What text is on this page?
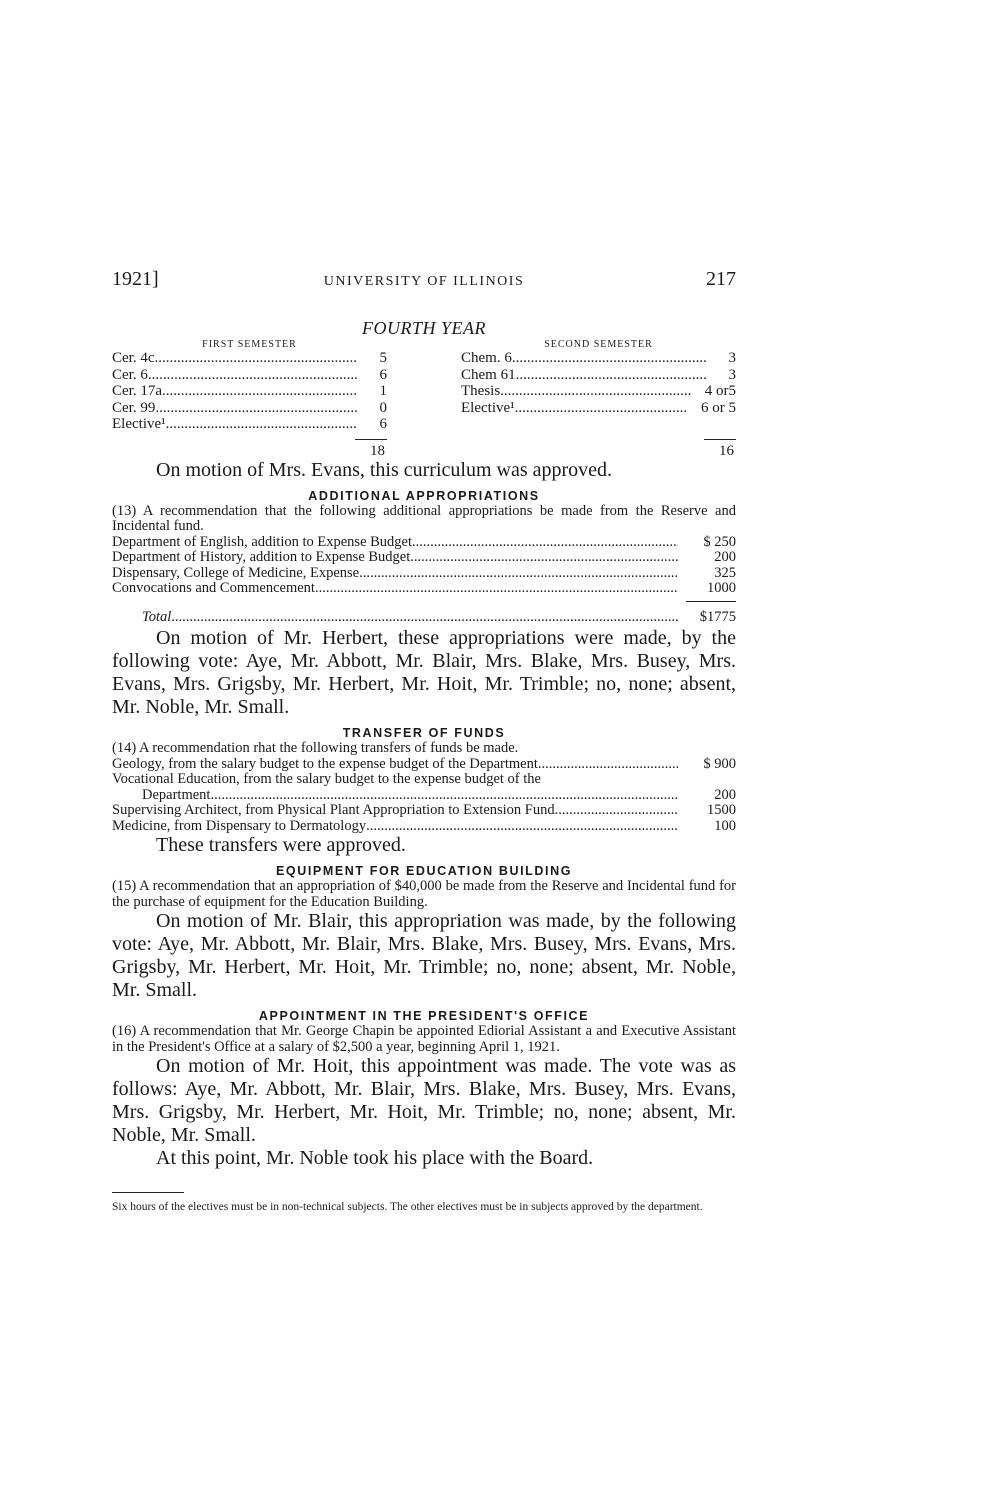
1921]	UNIVERSITY OF ILLINOIS	217
FOURTH YEAR
FIRST SEMESTER
Cer. 4c .....	5
Cer. 6 .....	6
Cer. 17a .....	1
Cer. 99 .....	0
Elective¹ .....	6
SECOND SEMESTER
Chem. 6 .....	3
Chem 61 .....	3
Thesis .....	4 or5
Elective¹ .....	6 or 5
18	16
On motion of Mrs. Evans, this curriculum was approved.
ADDITIONAL APPROPRIATIONS
(13) A recommendation that the following additional appropriations be made from the Reserve and Incidental fund.
Department of English, addition to Expense Budget .....	$ 250
Department of History, addition to Expense Budget .....	200
Dispensary, College of Medicine, Expense .....	325
Convocations and Commencement .....	1000
Total .....	$1775
On motion of Mr. Herbert, these appropriations were made, by the following vote: Aye, Mr. Abbott, Mr. Blair, Mrs. Blake, Mrs. Busey, Mrs. Evans, Mrs. Grigsby, Mr. Herbert, Mr. Hoit, Mr. Trimble; no, none; absent, Mr. Noble, Mr. Small.
TRANSFER OF FUNDS
(14) A recommendation rhat the following transfers of funds be made.
Geology, from the salary budget to the expense budget of the Department .....	$ 900
Vocational Education, from the salary budget to the expense budget of the
Department .....	200
Supervising Architect, from Physical Plant Appropriation to Extension Fund .....	1500
Medicine, from Dispensary to Dermatology .....	100
These transfers were approved.
EQUIPMENT FOR EDUCATION BUILDING
(15) A recommendation that an appropriation of $40,000 be made from the Reserve and Incidental fund for the purchase of equipment for the Education Building.
On motion of Mr. Blair, this appropriation was made, by the following vote: Aye, Mr. Abbott, Mr. Blair, Mrs. Blake, Mrs. Busey, Mrs. Evans, Mrs. Grigsby, Mr. Herbert, Mr. Hoit, Mr. Trimble; no, none; absent, Mr. Noble, Mr. Small.
APPOINTMENT IN THE PRESIDENT'S OFFICE
(16) A recommendation that Mr. George Chapin be appointed Ediorial Assistant a and Executive Assistant in the President's Office at a salary of $2,500 a year, beginning April 1, 1921.
On motion of Mr. Hoit, this appointment was made. The vote was as follows: Aye, Mr. Abbott, Mr. Blair, Mrs. Blake, Mrs. Busey, Mrs. Evans, Mrs. Grigsby, Mr. Herbert, Mr. Hoit, Mr. Trimble; no, none; absent, Mr. Noble, Mr. Small.
At this point, Mr. Noble took his place with the Board.
Six hours of the electives must be in non-technical subjects. The other electives must be in subjects approved by the department.
